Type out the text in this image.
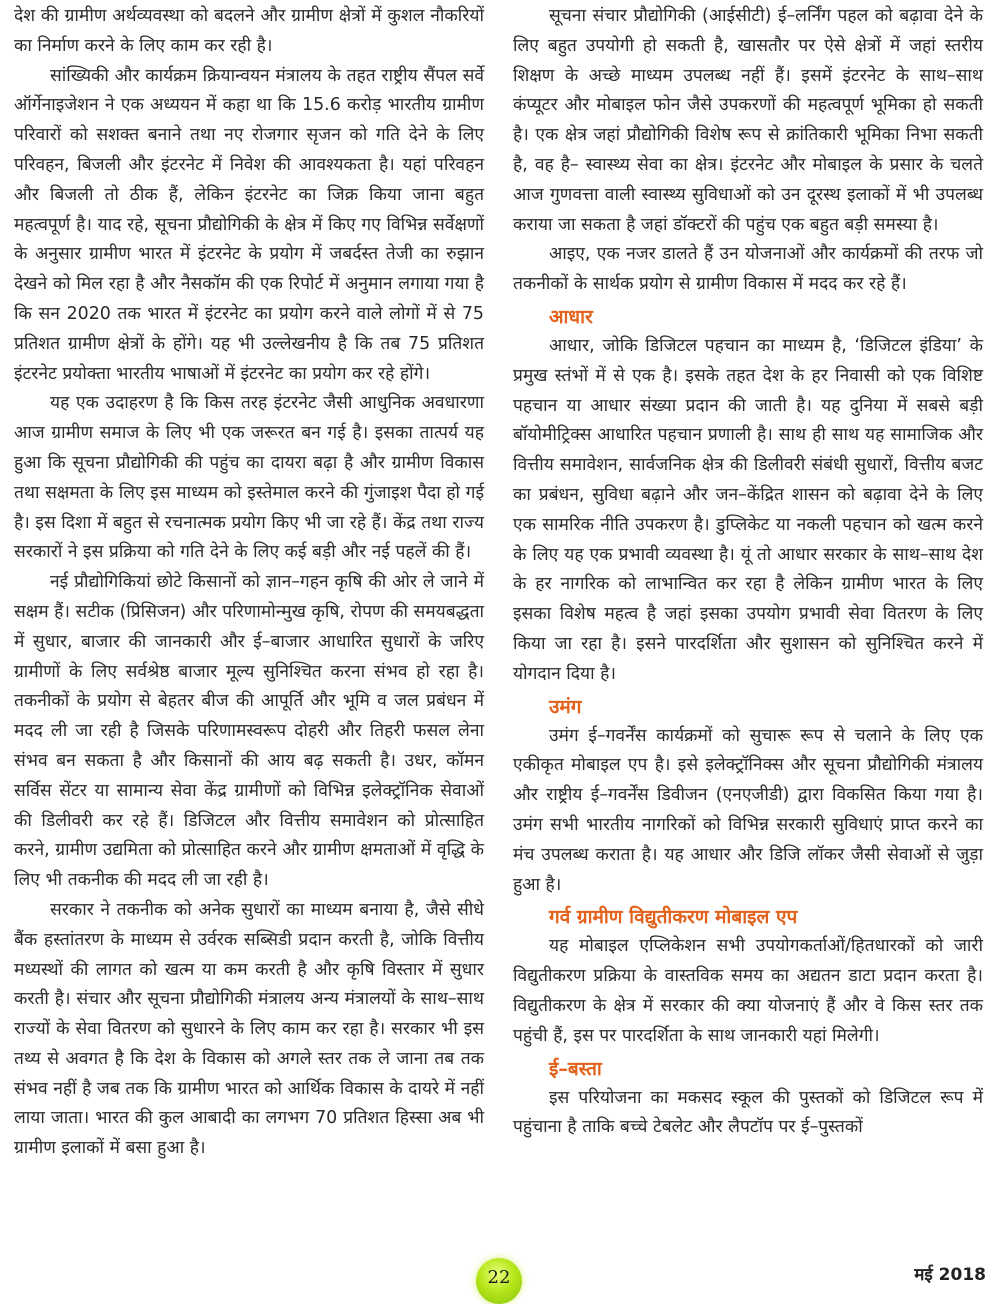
देश की ग्रामीण अर्थव्यवस्था को बदलने और ग्रामीण क्षेत्रों में कुशल नौकरियों का निर्माण करने के लिए काम कर रही है।

सांख्यिकी और कार्यक्रम क्रियान्वयन मंत्रालय के तहत राष्ट्रीय सैंपल सर्वे ऑर्गेनाइजेशन ने एक अध्ययन में कहा था कि 15.6 करोड़ भारतीय ग्रामीण परिवारों को सशक्त बनाने तथा नए रोजगार सृजन को गति देने के लिए परिवहन, बिजली और इंटरनेट में निवेश की आवश्यकता है। यहां परिवहन और बिजली तो ठीक हैं, लेकिन इंटरनेट का जिक्र किया जाना बहुत महत्वपूर्ण है। याद रहे, सूचना प्रौद्योगिकी के क्षेत्र में किए गए विभिन्न सर्वेक्षणों के अनुसार ग्रामीण भारत में इंटरनेट के प्रयोग में जबर्दस्त तेजी का रुझान देखने को मिल रहा है और नैसकॉम की एक रिपोर्ट में अनुमान लगाया गया है कि सन 2020 तक भारत में इंटरनेट का प्रयोग करने वाले लोगों में से 75 प्रतिशत ग्रामीण क्षेत्रों के होंगे। यह भी उल्लेखनीय है कि तब 75 प्रतिशत इंटरनेट प्रयोक्ता भारतीय भाषाओं में इंटरनेट का प्रयोग कर रहे होंगे।

यह एक उदाहरण है कि किस तरह इंटरनेट जैसी आधुनिक अवधारणा आज ग्रामीण समाज के लिए भी एक जरूरत बन गई है। इसका तात्पर्य यह हुआ कि सूचना प्रौद्योगिकी की पहुंच का दायरा बढ़ा है और ग्रामीण विकास तथा सक्षमता के लिए इस माध्यम को इस्तेमाल करने की गुंजाइश पैदा हो गई है। इस दिशा में बहुत से रचनात्मक प्रयोग किए भी जा रहे हैं। केंद्र तथा राज्य सरकारों ने इस प्रक्रिया को गति देने के लिए कई बड़ी और नई पहलें की हैं।

नई प्रौद्योगिकियां छोटे किसानों को ज्ञान–गहन कृषि की ओर ले जाने में सक्षम हैं। सटीक (प्रिसिजन) और परिणामोन्मुख कृषि, रोपण की समयबद्धता में सुधार, बाजार की जानकारी और ई–बाजार आधारित सुधारों के जरिए ग्रामीणों के लिए सर्वश्रेष्ठ बाजार मूल्य सुनिश्चित करना संभव हो रहा है। तकनीकों के प्रयोग से बेहतर बीज की आपूर्ति और भूमि व जल प्रबंधन में मदद ली जा रही है जिसके परिणामस्वरूप दोहरी और तिहरी फसल लेना संभव बन सकता है और किसानों की आय बढ़ सकती है। उधर, कॉमन सर्विस सेंटर या सामान्य सेवा केंद्र ग्रामीणों को विभिन्न इलेक्ट्रॉनिक सेवाओं की डिलीवरी कर रहे हैं। डिजिटल और वित्तीय समावेशन को प्रोत्साहित करने, ग्रामीण उद्यमिता को प्रोत्साहित करने और ग्रामीण क्षमताओं में वृद्धि के लिए भी तकनीक की मदद ली जा रही है।

सरकार ने तकनीक को अनेक सुधारों का माध्यम बनाया है, जैसे सीधे बैंक हस्तांतरण के माध्यम से उर्वरक सब्सिडी प्रदान करती है, जोकि वित्तीय मध्यस्थों की लागत को खत्म या कम करती है और कृषि विस्तार में सुधार करती है। संचार और सूचना प्रौद्योगिकी मंत्रालय अन्य मंत्रालयों के साथ–साथ राज्यों के सेवा वितरण को सुधारने के लिए काम कर रहा है। सरकार भी इस तथ्य से अवगत है कि देश के विकास को अगले स्तर तक ले जाना तब तक संभव नहीं है जब तक कि ग्रामीण भारत को आर्थिक विकास के दायरे में नहीं लाया जाता। भारत की कुल आबादी का लगभग 70 प्रतिशत हिस्सा अब भी ग्रामीण इलाकों में बसा हुआ है।

सूचना संचार प्रौद्योगिकी (आईसीटी) ई–लर्निंग पहल को बढ़ावा देने के लिए बहुत उपयोगी हो सकती है, खासतौर पर ऐसे क्षेत्रों में जहां स्तरीय शिक्षण के अच्छे माध्यम उपलब्ध नहीं हैं। इसमें इंटरनेट के साथ–साथ कंप्यूटर और मोबाइल फोन जैसे उपकरणों की महत्वपूर्ण भूमिका हो सकती है। एक क्षेत्र जहां प्रौद्योगिकी विशेष रूप से क्रांतिकारी भूमिका निभा सकती है, वह है– स्वास्थ्य सेवा का क्षेत्र। इंटरनेट और मोबाइल के प्रसार के चलते आज गुणवत्ता वाली स्वास्थ्य सुविधाओं को उन दूरस्थ इलाकों में भी उपलब्ध कराया जा सकता है जहां डॉक्टरों की पहुंच एक बहुत बड़ी समस्या है।

आइए, एक नजर डालते हैं उन योजनाओं और कार्यक्रमों की तरफ जो तकनीकों के सार्थक प्रयोग से ग्रामीण विकास में मदद कर रहे हैं।

आधार

आधार, जोकि डिजिटल पहचान का माध्यम है, ‘डिजिटल इंडिया’ के प्रमुख स्तंभों में से एक है। इसके तहत देश के हर निवासी को एक विशिष्ट पहचान या आधार संख्या प्रदान की जाती है। यह दुनिया में सबसे बड़ी बॉयोमीट्रिक्स आधारित पहचान प्रणाली है। साथ ही साथ यह सामाजिक और वित्तीय समावेशन, सार्वजनिक क्षेत्र की डिलीवरी संबंधी सुधारों, वित्तीय बजट का प्रबंधन, सुविधा बढ़ाने और जन–केंद्रित शासन को बढ़ावा देने के लिए एक सामरिक नीति उपकरण है। डुप्लिकेट या नकली पहचान को खत्म करने के लिए यह एक प्रभावी व्यवस्था है। यूं तो आधार सरकार के साथ–साथ देश के हर नागरिक को लाभान्वित कर रहा है लेकिन ग्रामीण भारत के लिए इसका विशेष महत्व है जहां इसका उपयोग प्रभावी सेवा वितरण के लिए किया जा रहा है। इसने पारदर्शिता और सुशासन को सुनिश्चित करने में योगदान दिया है।

उमंग

उमंग ई–गवर्नेंस कार्यक्रमों को सुचारू रूप से चलाने के लिए एक एकीकृत मोबाइल एप है। इसे इलेक्ट्रॉनिक्स और सूचना प्रौद्योगिकी मंत्रालय और राष्ट्रीय ई–गवर्नेंस डिवीजन (एनएजीडी) द्वारा विकसित किया गया है। उमंग सभी भारतीय नागरिकों को विभिन्न सरकारी सुविधाएं प्राप्त करने का मंच उपलब्ध कराता है। यह आधार और डिजि लॉकर जैसी सेवाओं से जुड़ा हुआ है।

गर्व ग्रामीण विद्युतीकरण मोबाइल एप

यह मोबाइल एप्लिकेशन सभी उपयोगकर्ताओं/हितधारकों को जारी विद्युतीकरण प्रक्रिया के वास्तविक समय का अद्यतन डाटा प्रदान करता है। विद्युतीकरण के क्षेत्र में सरकार की क्या योजनाएं हैं और वे किस स्तर तक पहुंची हैं, इस पर पारदर्शिता के साथ जानकारी यहां मिलेगी।

ई–बस्ता

इस परियोजना का मकसद स्कूल की पुस्तकों को डिजिटल रूप में पहुंचाना है ताकि बच्चे टेबलेट और लैपटॉप पर ई–पुस्तकों

22	मई 2018
